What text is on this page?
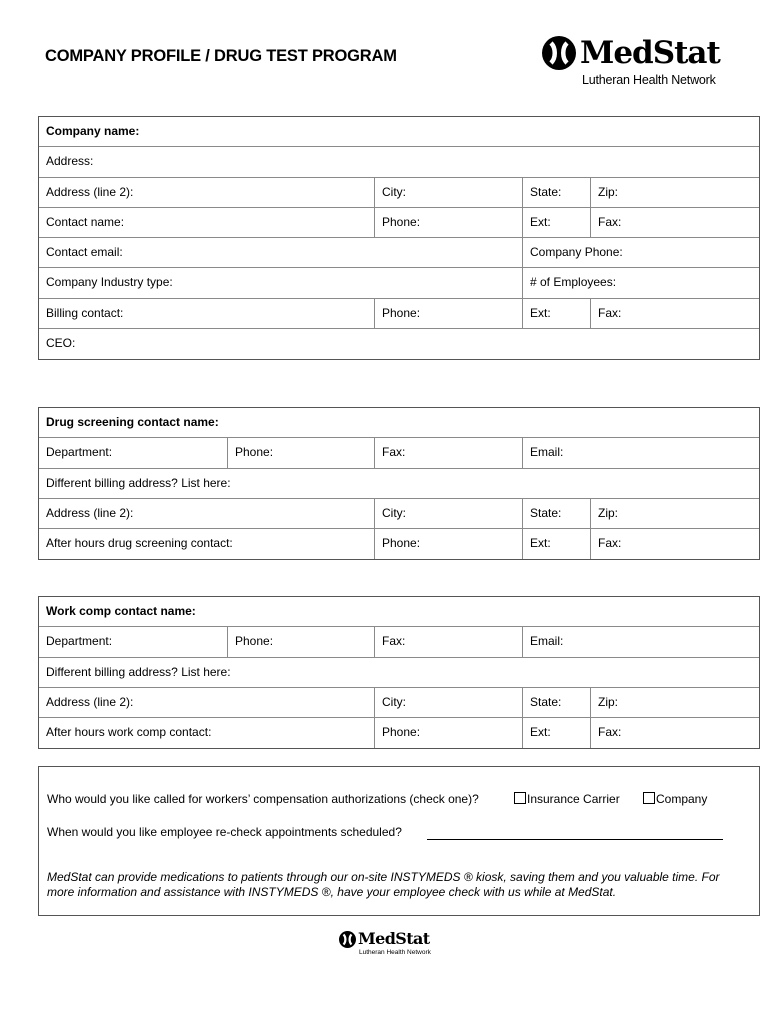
COMPANY PROFILE / DRUG TEST PROGRAM	MedStat
Lutheran Health Network
Company name:
Address:
Address (line 2):	City:	State:	Zip:
Contact name:	Phone:	Ext:	Fax:
Contact email:	Company Phone:
Company Industry type:	# of Employees:
Billing contact:	Phone:	Ext:	Fax:
CEO:
Drug screening contact name:
Department:	Phone:	Fax:	Email:
Different billing address? List here:
Address (line 2):	City:	State:	Zip:
After hours drug screening contact:	Phone:	Ext:	Fax:
Work comp contact name:
Department:	Phone:	Fax:	Email:
Different billing address? List here:
Address (line 2):	City:	State:	Zip:
After hours work comp contact:	Phone:	Ext:	Fax:
Who would you like called for workers’ compensation authorizations (check one)?	Insurance Carrier	Company
When would you like employee re-check appointments scheduled?
MedStat can provide medications to patients through our on-site INSTYMEDS ® kiosk, saving them and you valuable time. For more information and assistance with INSTYMEDS ®, have your employee check with us while at MedStat.
MedStat
Lutheran Health Network
